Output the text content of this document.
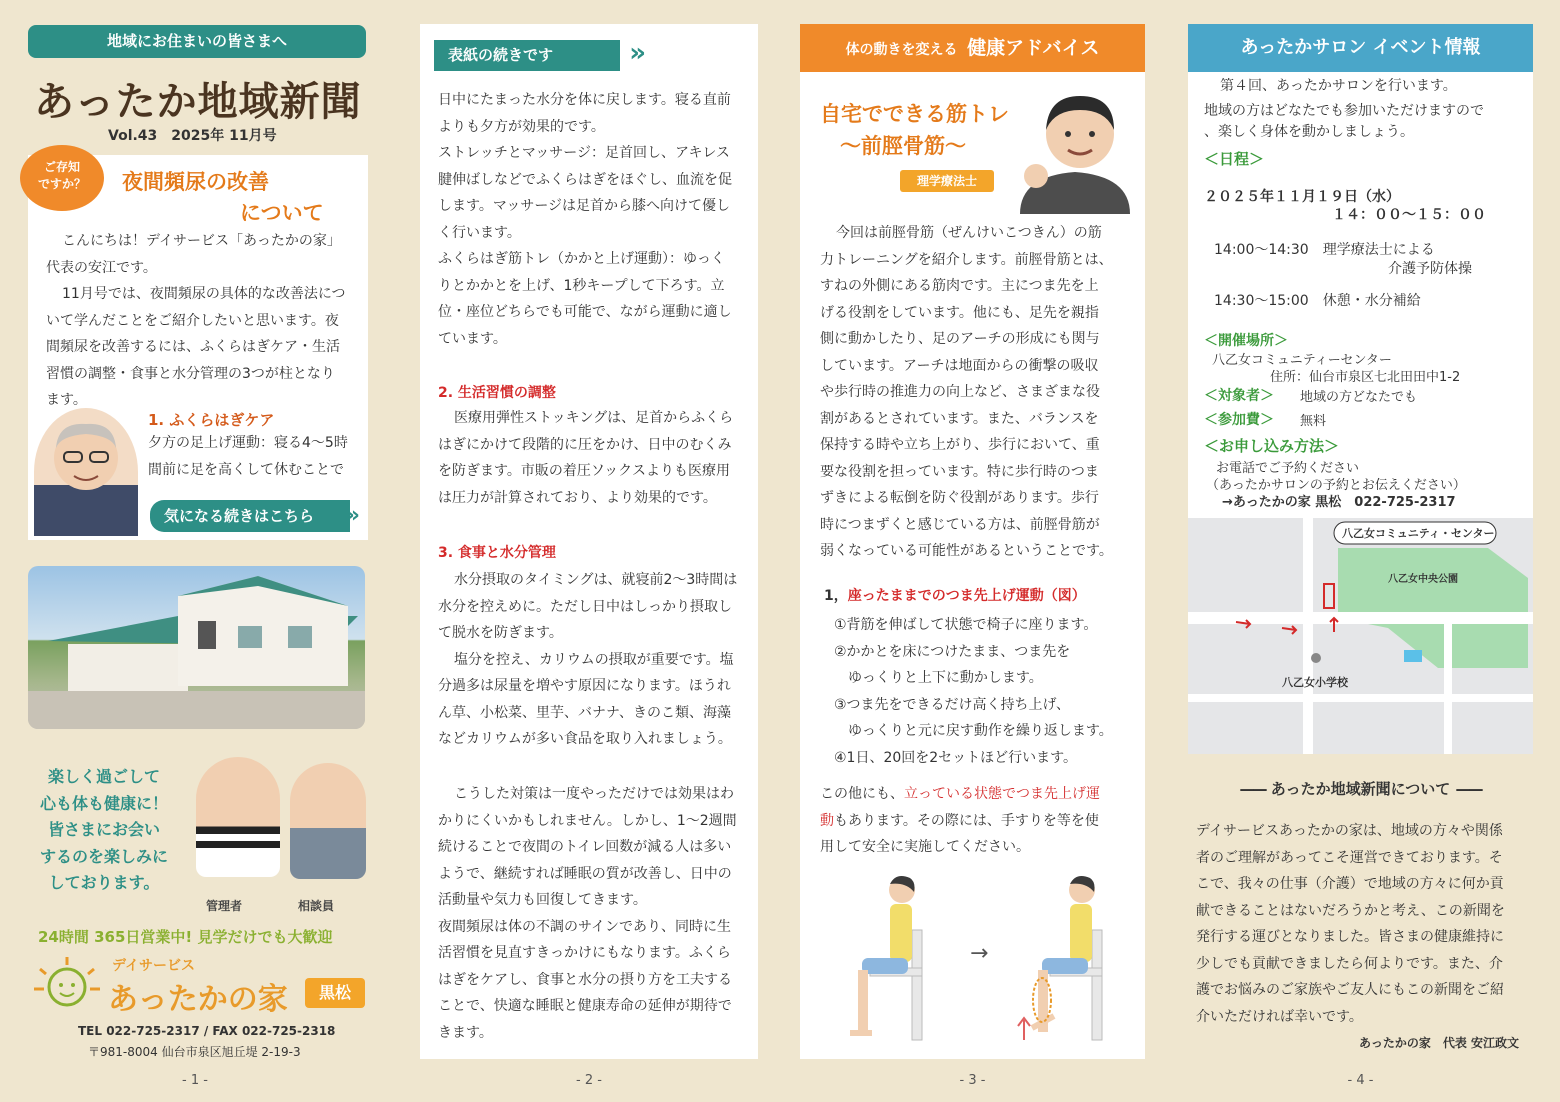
地域にお住まいの皆さまへ
あったか地域新聞
Vol.43　2025年 11月号
ご存知
ですか？	夜間頻尿の改善
について
こんにちは！デイサービス「あったかの家」
代表の安江です。
11月号では、夜間頻尿の具体的な改善法につ
いて学んだことをご紹介したいと思います。夜
間頻尿を改善するには、ふくらはぎケア・生活
習慣の調整・食事と水分管理の3つが柱となり
ます。
1. ふくらはぎケア
夕方の足上げ運動：寝る4〜5時
間前に足を高くして休むことで
気になる続きはこちら »
楽しく過ごして
心も体も健康に！
皆さまにお会い
するのを楽しみに
しております。
管理者	相談員
24時間 365日営業中! 見学だけでも大歓迎
デイサービス
あったかの家	黒松
TEL 022-725-2317 / FAX 022-725-2318
〒981-8004 仙台市泉区旭丘堤 2-19-3
- 1 -
表紙の続きです	»
日中にたまった水分を体に戻します。寝る直前
よりも夕方が効果的です。
ストレッチとマッサージ：足首回し、アキレス
腱伸ばしなどでふくらはぎをほぐし、血流を促
します。マッサージは足首から膝へ向けて優し
く行います。
ふくらはぎ筋トレ（かかと上げ運動）：ゆっく
りとかかとを上げ、1秒キープして下ろす。立
位・座位どちらでも可能で、ながら運動に適し
ています。
2. 生活習慣の調整
医療用弾性ストッキングは、足首からふくら
はぎにかけて段階的に圧をかけ、日中のむくみ
を防ぎます。市販の着圧ソックスよりも医療用
は圧力が計算されており、より効果的です。
3. 食事と水分管理
水分摂取のタイミングは、就寝前2〜3時間は
水分を控えめに。ただし日中はしっかり摂取し
て脱水を防ぎます。
塩分を控え、カリウムの摂取が重要です。塩
分過多は尿量を増やす原因になります。ほうれ
ん草、小松菜、里芋、バナナ、きのこ類、海藻
などカリウムが多い食品を取り入れましょう。
こうした対策は一度やっただけでは効果はわ
かりにくいかもしれません。しかし、1〜2週間
続けることで夜間のトイレ回数が減る人は多い
ようで、継続すれば睡眠の質が改善し、日中の
活動量や気力も回復してきます。
夜間頻尿は体の不調のサインであり、同時に生
活習慣を見直すきっかけにもなります。ふくら
はぎをケアし、食事と水分の摂り方を工夫する
ことで、快適な睡眠と健康寿命の延伸が期待で
きます。
- 2 -
体の動きを変える 健康アドバイス
自宅でできる筋トレ
〜前脛骨筋〜
理学療法士
今回は前脛骨筋（ぜんけいこつきん）の筋
力トレーニングを紹介します。前脛骨筋とは、
すねの外側にある筋肉です。主につま先を上
げる役割をしています。他にも、足先を親指
側に動かしたり、足のアーチの形成にも関与
しています。アーチは地面からの衝撃の吸収
や歩行時の推進力の向上など、さまざまな役
割があるとされています。また、バランスを
保持する時や立ち上がり、歩行において、重
要な役割を担っています。特に歩行時のつま
ずきによる転倒を防ぐ役割があります。歩行
時につまずくと感じている方は、前脛骨筋が
弱くなっている可能性があるということです。
1，座ったままでのつま先上げ運動（図）
①背筋を伸ばして状態で椅子に座ります。
②かかとを床につけたまま、つま先を
　ゆっくりと上下に動かします。
③つま先をできるだけ高く持ち上げ、
　ゆっくりと元に戻す動作を繰り返します。
④1日、20回を2セットほど行います。
この他にも、立っている状態でつま先上げ運
動もあります。その際には、手すりを等を使
用して安全に実施してください。
→
- 3 -
あったかサロン イベント情報
第４回、あったかサロンを行います。
地域の方はどなたでも参加いただけますので
、楽しく身体を動かしましょう。
＜日程＞
２０２５年１１月１９日（水）
１４：００〜１５：００
14:00〜14:30　理学療法士による
介護予防体操
14:30〜15:00　休憩・水分補給
＜開催場所＞
八乙女コミュニティーセンター
住所：仙台市泉区七北田田中1-2
＜対象者＞ 地域の方どなたでも
＜参加費＞ 無料
＜お申し込み方法＞
お電話でご予約ください
（あったかサロンの予約とお伝えください）
→あったかの家 黒松　022-725-2317
八乙女コミュニティ・センター
八乙女中央公園
八乙女小学校
—— あったか地域新聞について ——
デイサービスあったかの家は、地域の方々や関係
者のご理解があってこそ運営できております。そ
こで、我々の仕事（介護）で地域の方々に何か貢
献できることはないだろうかと考え、この新聞を
発行する運びとなりました。皆さまの健康維持に
少しでも貢献できましたら何よりです。また、介
護でお悩みのご家族やご友人にもこの新聞をご紹
介いただければ幸いです。
あったかの家　代表 安江政文
- 4 -
